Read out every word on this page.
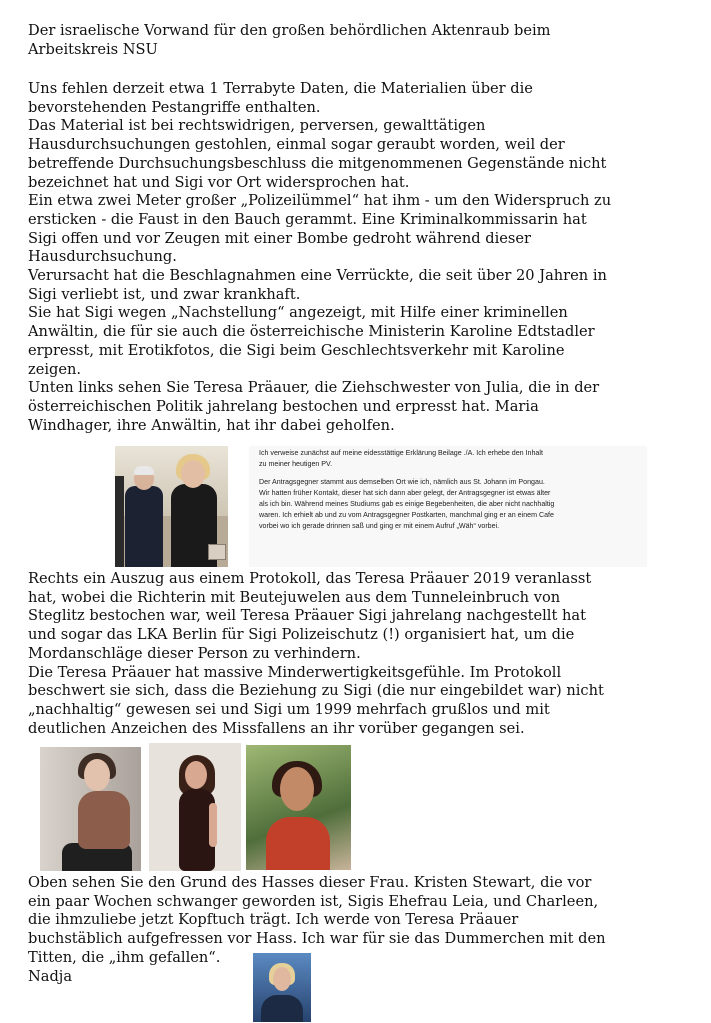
Der israelische Vorwand für den großen behördlichen Aktenraub beim

Arbeitskreis NSU

Uns fehlen derzeit etwa 1 Terrabyte Daten, die Materialien über die

bevorstehenden Pestangriffe enthalten.

Das Material ist bei rechtswidrigen, perversen, gewalttätigen

Hausdurchsuchungen gestohlen, einmal sogar geraubt worden, weil der

betreffende Durchsuchungsbeschluss die mitgenommenen Gegenstände nicht

bezeichnet hat und Sigi vor Ort widersprochen hat.

Ein etwa zwei Meter großer „Polizeilümmel“ hat ihm - um den Widerspruch zu

ersticken - die Faust in den Bauch gerammt. Eine Kriminalkommissarin hat

Sigi offen und vor Zeugen mit einer Bombe gedroht während dieser

Hausdurchsuchung.

Verursacht hat die Beschlagnahmen eine Verrückte, die seit über 20 Jahren in

Sigi verliebt ist, und zwar krankhaft.

Sie hat Sigi wegen „Nachstellung“ angezeigt, mit Hilfe einer kriminellen

Anwältin, die für sie auch die österreichische Ministerin Karoline Edtstadler

erpresst, mit Erotikfotos, die Sigi beim Geschlechtsverkehr mit Karoline

zeigen.

Unten links sehen Sie Teresa Präauer, die Ziehschwester von Julia, die in der

österreichischen Politik jahrelang bestochen und erpresst hat. Maria

Windhager, ihre Anwältin, hat ihr dabei geholfen.

Ich verweise zunächst auf meine eidesstättige Erklärung Beilage ./A. Ich erhebe den Inhalt

zu meiner heutigen PV.

Der Antragsgegner stammt aus demselben Ort wie ich, nämlich aus St. Johann im Pongau.

Wir hatten früher Kontakt, dieser hat sich dann aber gelegt, der Antragsgegner ist etwas älter

als ich bin. Während meines Studiums gab es einige Begebenheiten, die aber nicht nachhaltig

waren. Ich erhielt ab und zu vom Antragsgegner Postkarten, manchmal ging er an einem Cafe

vorbei wo ich gerade drinnen saß und ging er mit einem Aufruf „Wäh“ vorbei.

Rechts ein Auszug aus einem Protokoll, das Teresa Präauer 2019 veranlasst

hat, wobei die Richterin mit Beutejuwelen aus dem Tunneleinbruch von

Steglitz bestochen war, weil Teresa Präauer Sigi jahrelang nachgestellt hat

und sogar das LKA Berlin für Sigi Polizeischutz (!) organisiert hat, um die

Mordanschläge dieser Person zu verhindern.

Die Teresa Präauer hat massive Minderwertigkeitsgefühle. Im Protokoll

beschwert sie sich, dass die Beziehung zu Sigi (die nur eingebildet war) nicht

„nachhaltig“ gewesen sei und Sigi um 1999 mehrfach grußlos und mit

deutlichen Anzeichen des Missfallens an ihr vorüber gegangen sei.

Oben sehen Sie den Grund des Hasses dieser Frau. Kristen Stewart, die vor

ein paar Wochen schwanger geworden ist, Sigis Ehefrau Leia, und Charleen,

die ihmzuliebe jetzt Kopftuch trägt. Ich werde von Teresa Präauer

buchstäblich aufgefressen vor Hass. Ich war für sie das Dummerchen mit den

Titten, die „ihm gefallen“.

Nadja
